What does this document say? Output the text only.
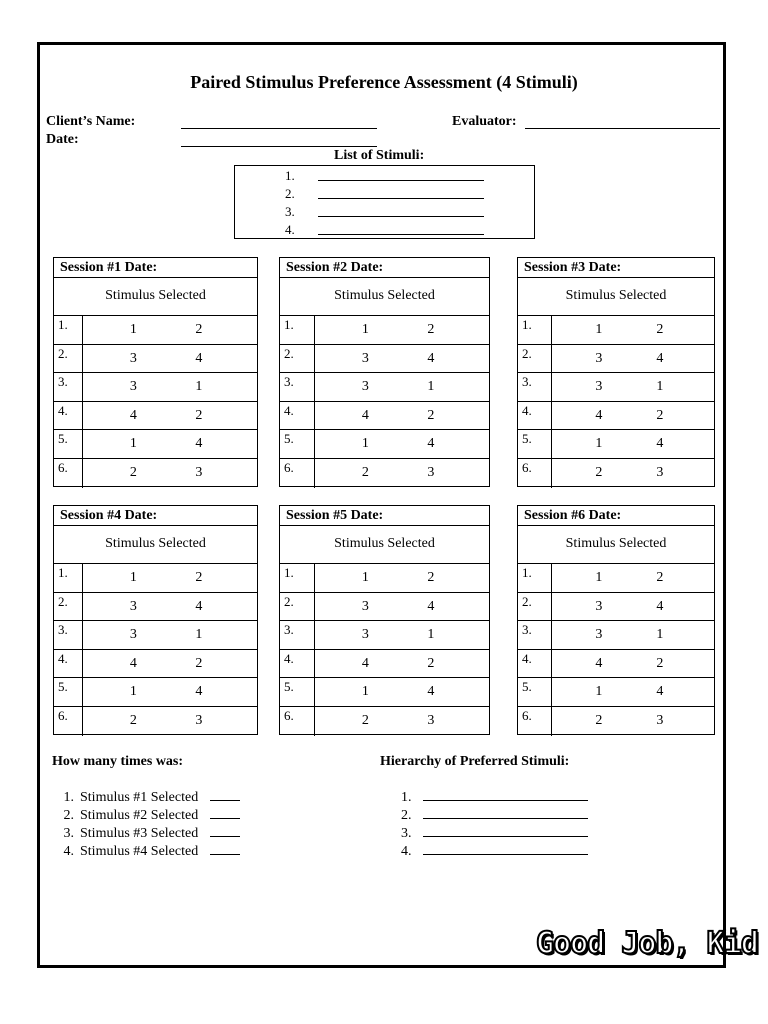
Paired Stimulus Preference Assessment (4 Stimuli)
Client’s Name:
Date:
Evaluator:
List of Stimuli:
1.
2.
3.
4.
Session #1 Date:
Stimulus Selected
1.	1	2
2.	3	4
3.	3	1
4.	4	2
5.	1	4
6.	2	3
Session #2 Date:
Stimulus Selected
1.	1	2
2.	3	4
3.	3	1
4.	4	2
5.	1	4
6.	2	3
Session #3 Date:
Stimulus Selected
1.	1	2
2.	3	4
3.	3	1
4.	4	2
5.	1	4
6.	2	3
Session #4 Date:
Stimulus Selected
1.	1	2
2.	3	4
3.	3	1
4.	4	2
5.	1	4
6.	2	3
Session #5 Date:
Stimulus Selected
1.	1	2
2.	3	4
3.	3	1
4.	4	2
5.	1	4
6.	2	3
Session #6 Date:
Stimulus Selected
1.	1	2
2.	3	4
3.	3	1
4.	4	2
5.	1	4
6.	2	3
How many times was:
1. Stimulus #1 Selected
2. Stimulus #2 Selected
3. Stimulus #3 Selected
4. Stimulus #4 Selected
Hierarchy of Preferred Stimuli:
1.
2.
3.
4.
Good Job, Kid
